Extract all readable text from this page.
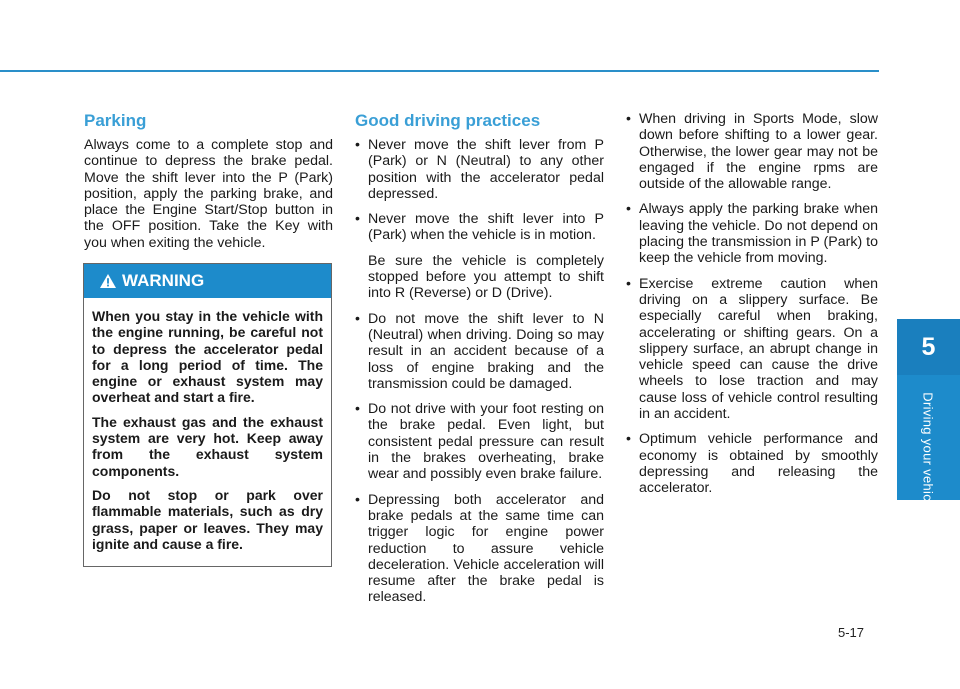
5
Driving your vehicle
Parking

Always come to a complete stop and continue to depress the brake pedal. Move the shift lever into the P (Park) position, apply the parking brake, and place the Engine Start/Stop button in the OFF position. Take the Key with you when exiting the vehicle.

WARNING

When you stay in the vehicle with the engine running, be careful not to depress the accelerator pedal for a long period of time. The engine or exhaust system may overheat and start a fire.

The exhaust gas and the exhaust system are very hot. Keep away from the exhaust system components.

Do not stop or park over flammable materials, such as dry grass, paper or leaves. They may ignite and cause a fire.

Good driving practices
• Never move the shift lever from P (Park) or N (Neutral) to any other position with the accelerator pedal depressed.
• Never move the shift lever into P (Park) when the vehicle is in motion.
Be sure the vehicle is completely stopped before you attempt to shift into R (Reverse) or D (Drive).
• Do not move the shift lever to N (Neutral) when driving. Doing so may result in an accident because of a loss of engine braking and the transmission could be damaged.
• Do not drive with your foot resting on the brake pedal. Even light, but consistent pedal pressure can result in the brakes overheating, brake wear and possibly even brake failure.
• Depressing both accelerator and brake pedals at the same time can trigger logic for engine power reduction to assure vehicle deceleration. Vehicle acceleration will resume after the brake pedal is released.
• When driving in Sports Mode, slow down before shifting to a lower gear. Otherwise, the lower gear may not be engaged if the engine rpms are outside of the allowable range.
• Always apply the parking brake when leaving the vehicle. Do not depend on placing the transmission in P (Park) to keep the vehicle from moving.
• Exercise extreme caution when driving on a slippery surface. Be especially careful when braking, accelerating or shifting gears. On a slippery surface, an abrupt change in vehicle speed can cause the drive wheels to lose traction and may cause loss of vehicle control resulting in an accident.
• Optimum vehicle performance and economy is obtained by smoothly depressing and releasing the accelerator.
5-17
